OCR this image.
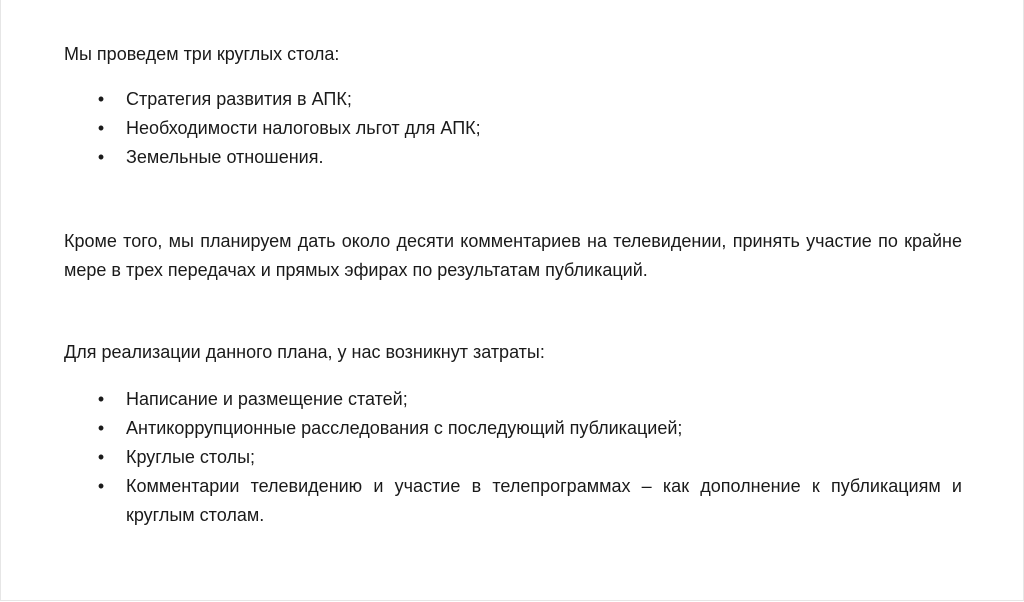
Мы проведем три круглых стола:

• Стратегия развития в АПК;
• Необходимости налоговых льгот для АПК;
• Земельные отношения.

Кроме того, мы планируем дать около десяти комментариев на телевидении, принять участие по крайне мере в трех передачах и прямых эфирах по результатам публикаций.

Для реализации данного плана, у нас возникнут затраты:

• Написание и размещение статей;
• Антикоррупционные расследования с последующий публикацией;
• Круглые столы;
• Комментарии телевидению и участие в телепрограммах – как дополнение к публикациям и круглым столам.
